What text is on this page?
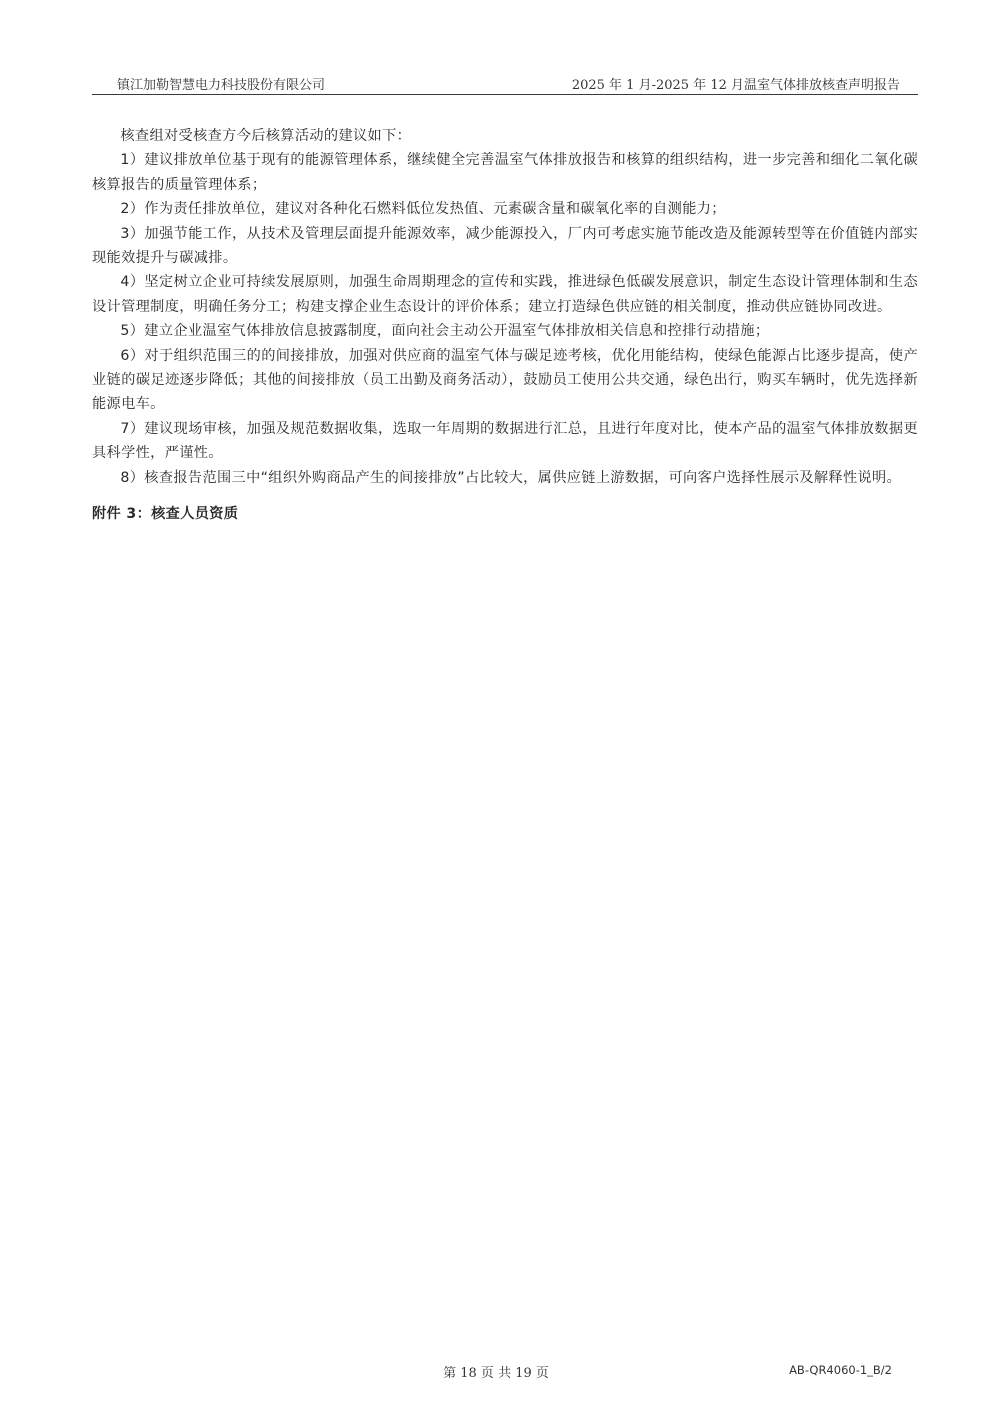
镇江加勒智慧电力科技股份有限公司	2025 年 1 月-2025 年 12 月温室气体排放核查声明报告

核查组对受核查方今后核算活动的建议如下：

1）建议排放单位基于现有的能源管理体系，继续健全完善温室气体排放报告和核算的组织结构，进一步完善和细化二氧化碳核算报告的质量管理体系；

2）作为责任排放单位，建议对各种化石燃料低位发热值、元素碳含量和碳氧化率的自测能力；

3）加强节能工作，从技术及管理层面提升能源效率，减少能源投入，厂内可考虑实施节能改造及能源转型等在价值链内部实现能效提升与碳减排。

4）坚定树立企业可持续发展原则，加强生命周期理念的宣传和实践，推进绿色低碳发展意识，制定生态设计管理体制和生态设计管理制度，明确任务分工；构建支撑企业生态设计的评价体系；建立打造绿色供应链的相关制度，推动供应链协同改进。

5）建立企业温室气体排放信息披露制度，面向社会主动公开温室气体排放相关信息和控排行动措施；

6）对于组织范围三的的间接排放，加强对供应商的温室气体与碳足迹考核，优化用能结构，使绿色能源占比逐步提高，使产业链的碳足迹逐步降低；其他的间接排放（员工出勤及商务活动），鼓励员工使用公共交通，绿色出行，购买车辆时，优先选择新能源电车。

7）建议现场审核，加强及规范数据收集，选取一年周期的数据进行汇总，且进行年度对比，使本产品的温室气体排放数据更具科学性，严谨性。

8）核查报告范围三中“组织外购商品产生的间接排放”占比较大，属供应链上游数据，可向客户选择性展示及解释性说明。

附件 3：核查人员资质

第 18 页 共 19 页	AB-QR4060-1_B/2
